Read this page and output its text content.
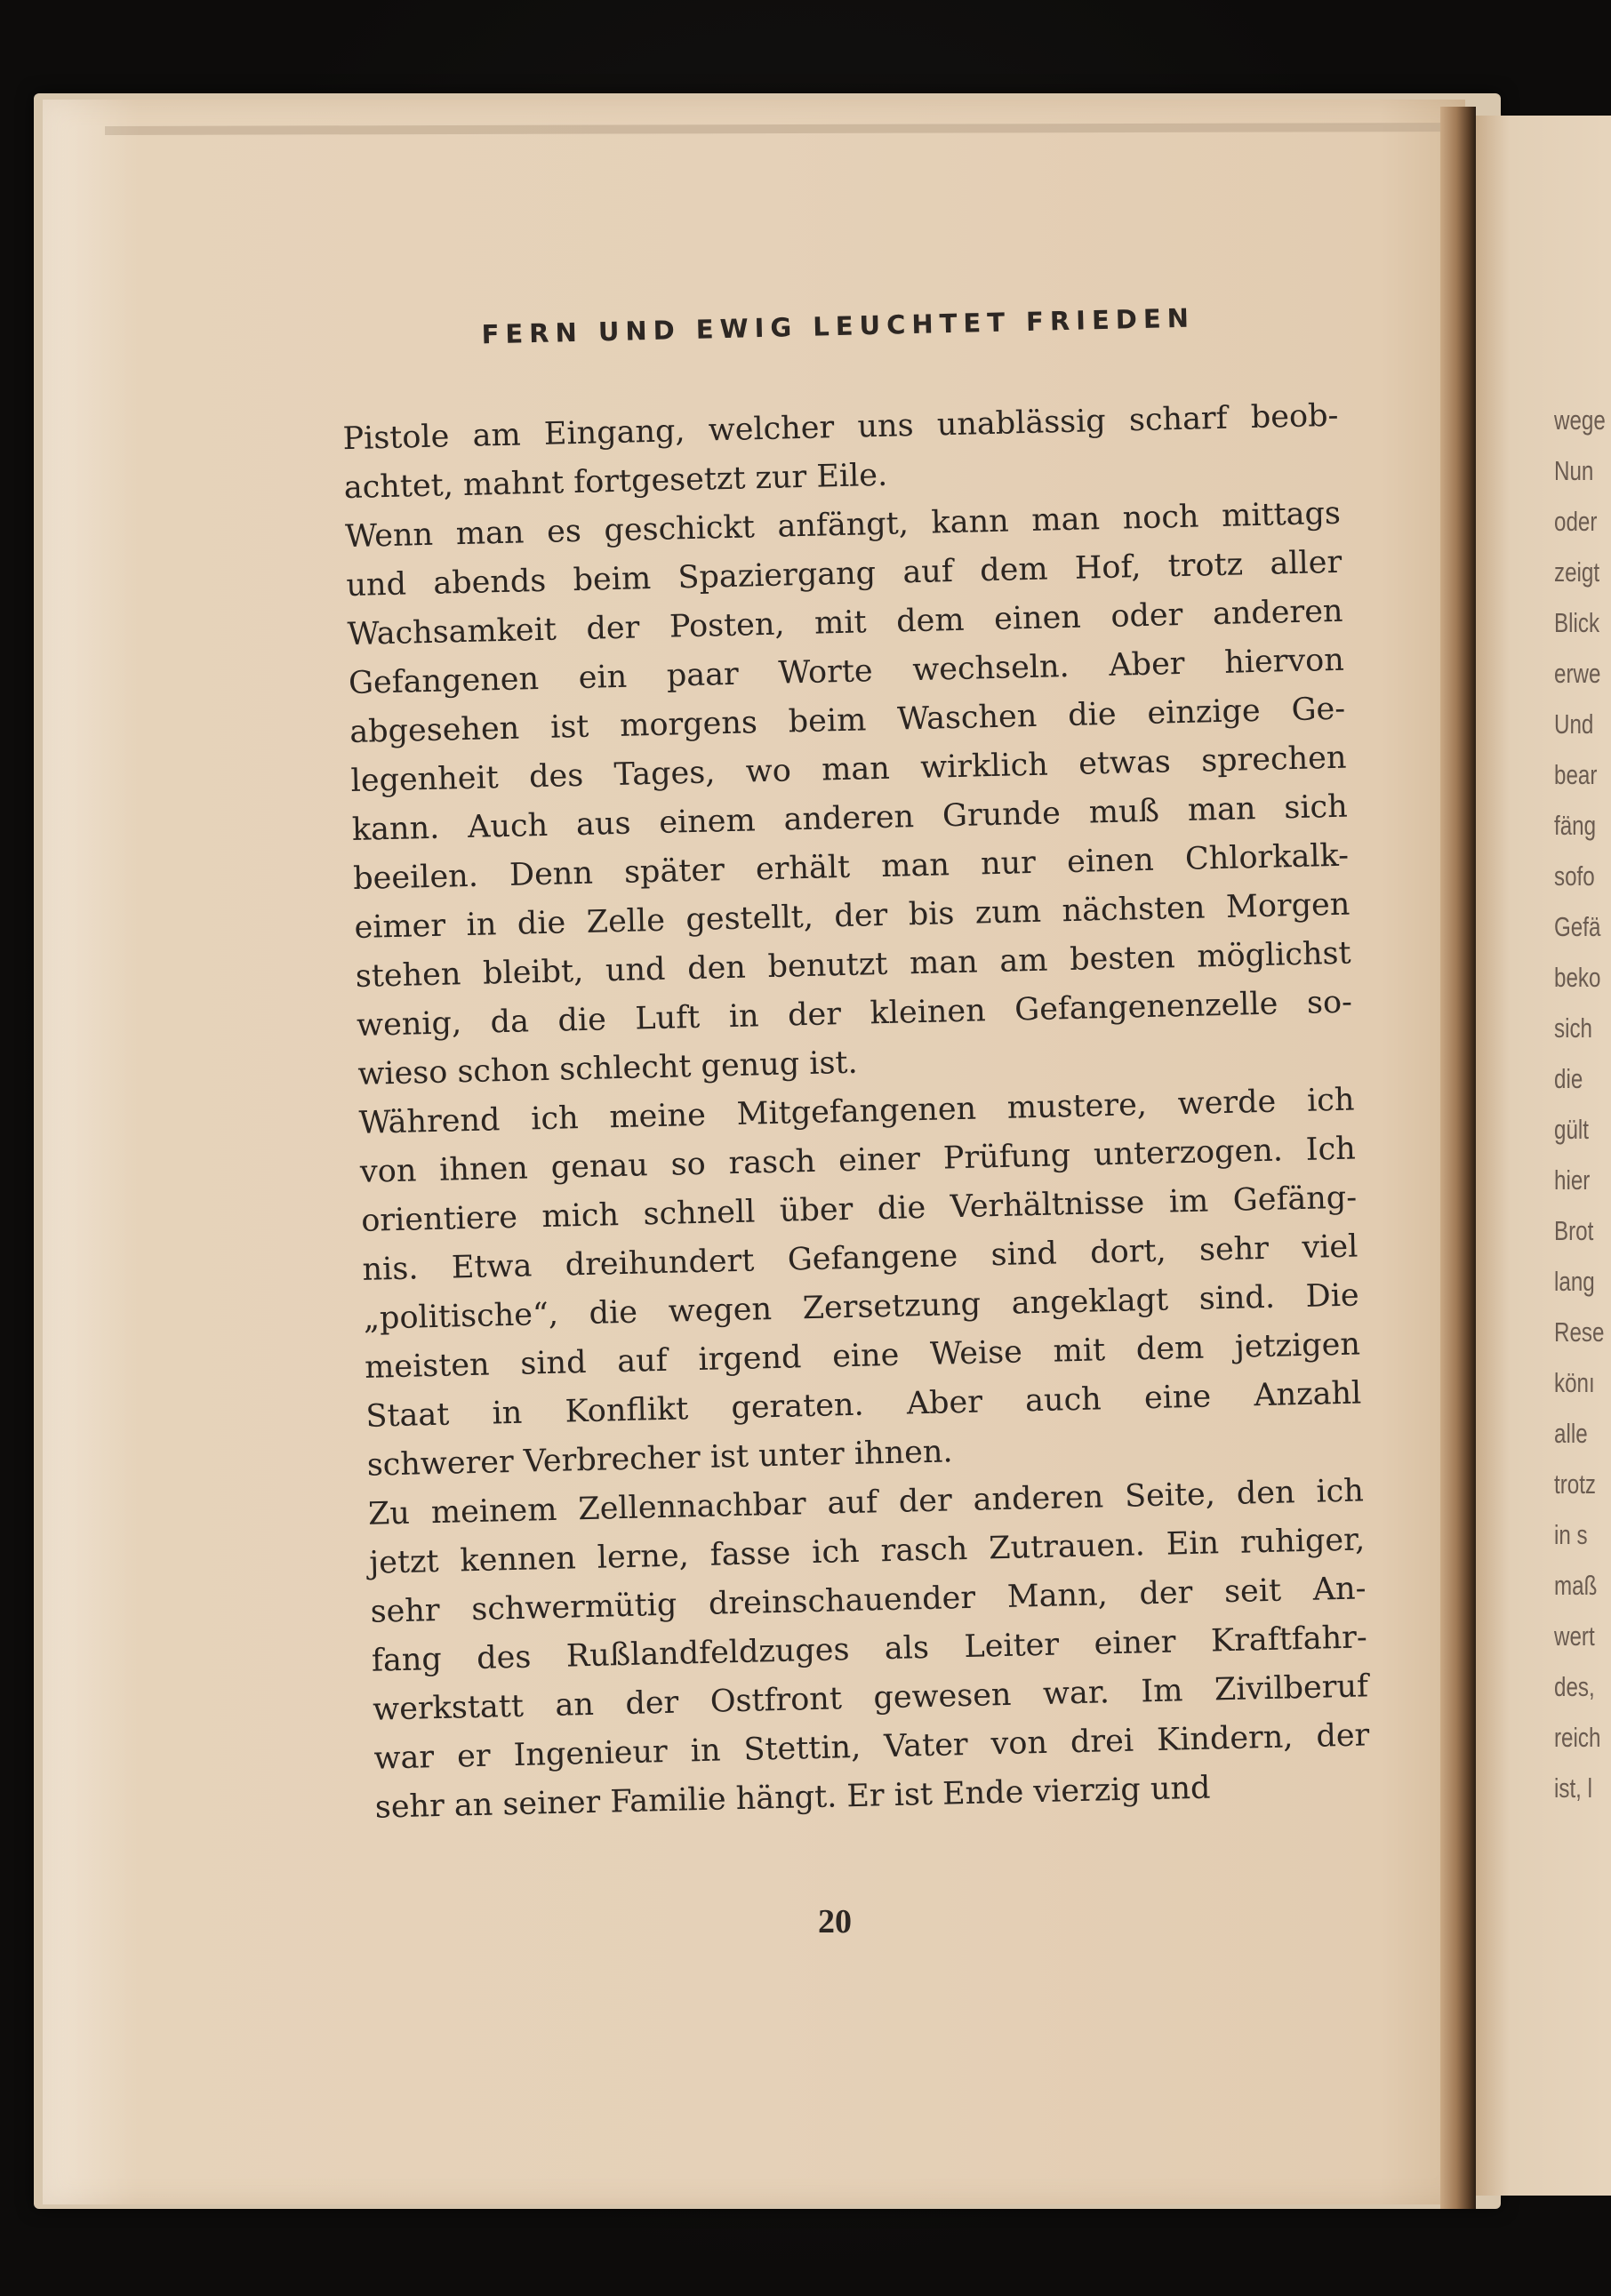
FERN UND EWIG LEUCHTET FRIEDEN
Pistole am Eingang, welcher uns unablässig scharf beob-
achtet, mahnt fortgesetzt zur Eile.
Wenn man es geschickt anfängt, kann man noch mittags
und abends beim Spaziergang auf dem Hof, trotz aller
Wachsamkeit der Posten, mit dem einen oder anderen
Gefangenen ein paar Worte wechseln. Aber hiervon
abgesehen ist morgens beim Waschen die einzige Ge-
legenheit des Tages, wo man wirklich etwas sprechen
kann. Auch aus einem anderen Grunde muß man sich
beeilen. Denn später erhält man nur einen Chlorkalk-
eimer in die Zelle gestellt, der bis zum nächsten Morgen
stehen bleibt, und den benutzt man am besten möglichst
wenig, da die Luft in der kleinen Gefangenenzelle so-
wieso schon schlecht genug ist.
Während ich meine Mitgefangenen mustere, werde ich
von ihnen genau so rasch einer Prüfung unterzogen. Ich
orientiere mich schnell über die Verhältnisse im Gefäng-
nis. Etwa dreihundert Gefangene sind dort, sehr viel
„politische“, die wegen Zersetzung angeklagt sind. Die
meisten sind auf irgend eine Weise mit dem jetzigen
Staat in Konflikt geraten. Aber auch eine Anzahl
schwerer Verbrecher ist unter ihnen.
Zu meinem Zellennachbar auf der anderen Seite, den ich
jetzt kennen lerne, fasse ich rasch Zutrauen. Ein ruhiger,
sehr schwermütig dreinschauender Mann, der seit An-
fang des Rußlandfeldzuges als Leiter einer Kraftfahr-
werkstatt an der Ostfront gewesen war. Im Zivilberuf
war er Ingenieur in Stettin, Vater von drei Kindern, der
sehr an seiner Familie hängt. Er ist Ende vierzig und
20
wege
Nun
oder
zeigt
Blick
erwe
Und
bear
fäng
sofo
Gefä
beko
sich
die
gült
hier
Brot
lang
Rese
könı
alle
trotz
in s
maß
wert
des,
reich
ist, l
